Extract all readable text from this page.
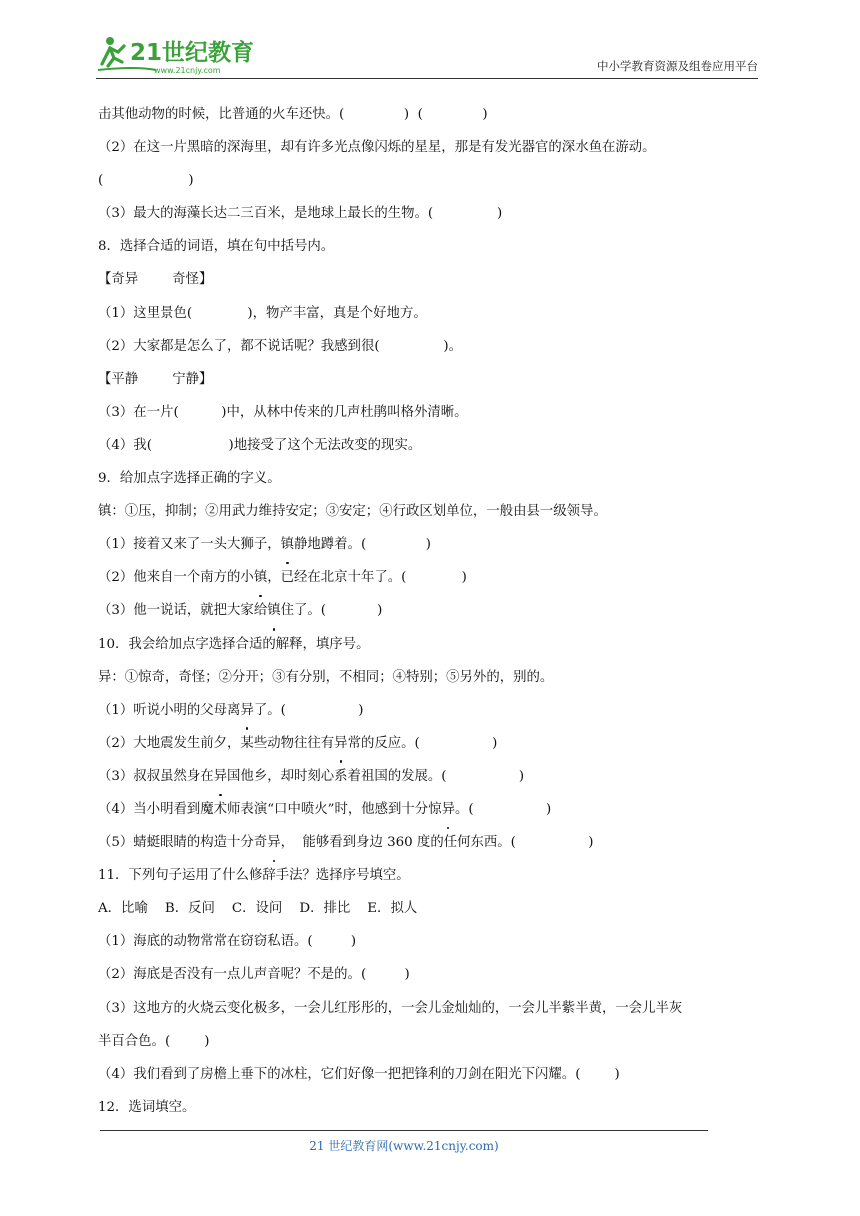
21世纪教育
www.21cnjy.com	中小学教育资源及组卷应用平台
击其他动物的时候，比普通的火车还快。(              )  (              )
（2）在这一片黑暗的深海里，却有许多光点像闪烁的星星，那是有发光器官的深水鱼在游动。
(                    )
（3）最大的海藻长达二三百米，是地球上最长的生物。(               )
8．选择合适的词语，填在句中括号内。
【奇异        奇怪】
（1）这里景色(             )，物产丰富，真是个好地方。
（2）大家都是怎么了，都不说话呢？我感到很(               )。
【平静        宁静】
（3）在一片(          )中，从林中传来的几声杜鹃叫格外清晰。
（4）我(                  )地接受了这个无法改变的现实。
9．给加点字选择正确的字义。
镇：①压，抑制；②用武力维持安定；③安定；④行政区划单位，一般由县一级领导。
（1）接着又来了一头大狮子，镇静地蹲着。(              )
（2）他来自一个南方的小镇，已经在北京十年了。(             )
（3）他一说话，就把大家给镇住了。(            )
10．我会给加点字选择合适的解释，填序号。
异：①惊奇，奇怪；②分开；③有分别，不相同；④特别；⑤另外的，别的。
（1）听说小明的父母离异了。(                 )
（2）大地震发生前夕，某些动物往往有异常的反应。(                 )
（3）叔叔虽然身在异国他乡，却时刻心系着祖国的发展。(                 )
（4）当小明看到魔术师表演“口中喷火”时，他感到十分惊异。(                 )
（5）蜻蜓眼睛的构造十分奇异，  能够看到身边 360 度的任何东西。(                 )
11．下列句子运用了什么修辞手法？选择序号填空。
A．比喻    B．反问    C．设问    D．排比    E．拟人
（1）海底的动物常常在窃窃私语。(         )
（2）海底是否没有一点儿声音呢？不是的。(         )
（3）这地方的火烧云变化极多，一会儿红彤彤的，一会儿金灿灿的，一会儿半紫半黄，一会儿半灰
半百合色。(        )
（4）我们看到了房檐上垂下的冰柱，它们好像一把把锋利的刀剑在阳光下闪耀。(        )
12．选词填空。
21 世纪教育网(www.21cnjy.com)
